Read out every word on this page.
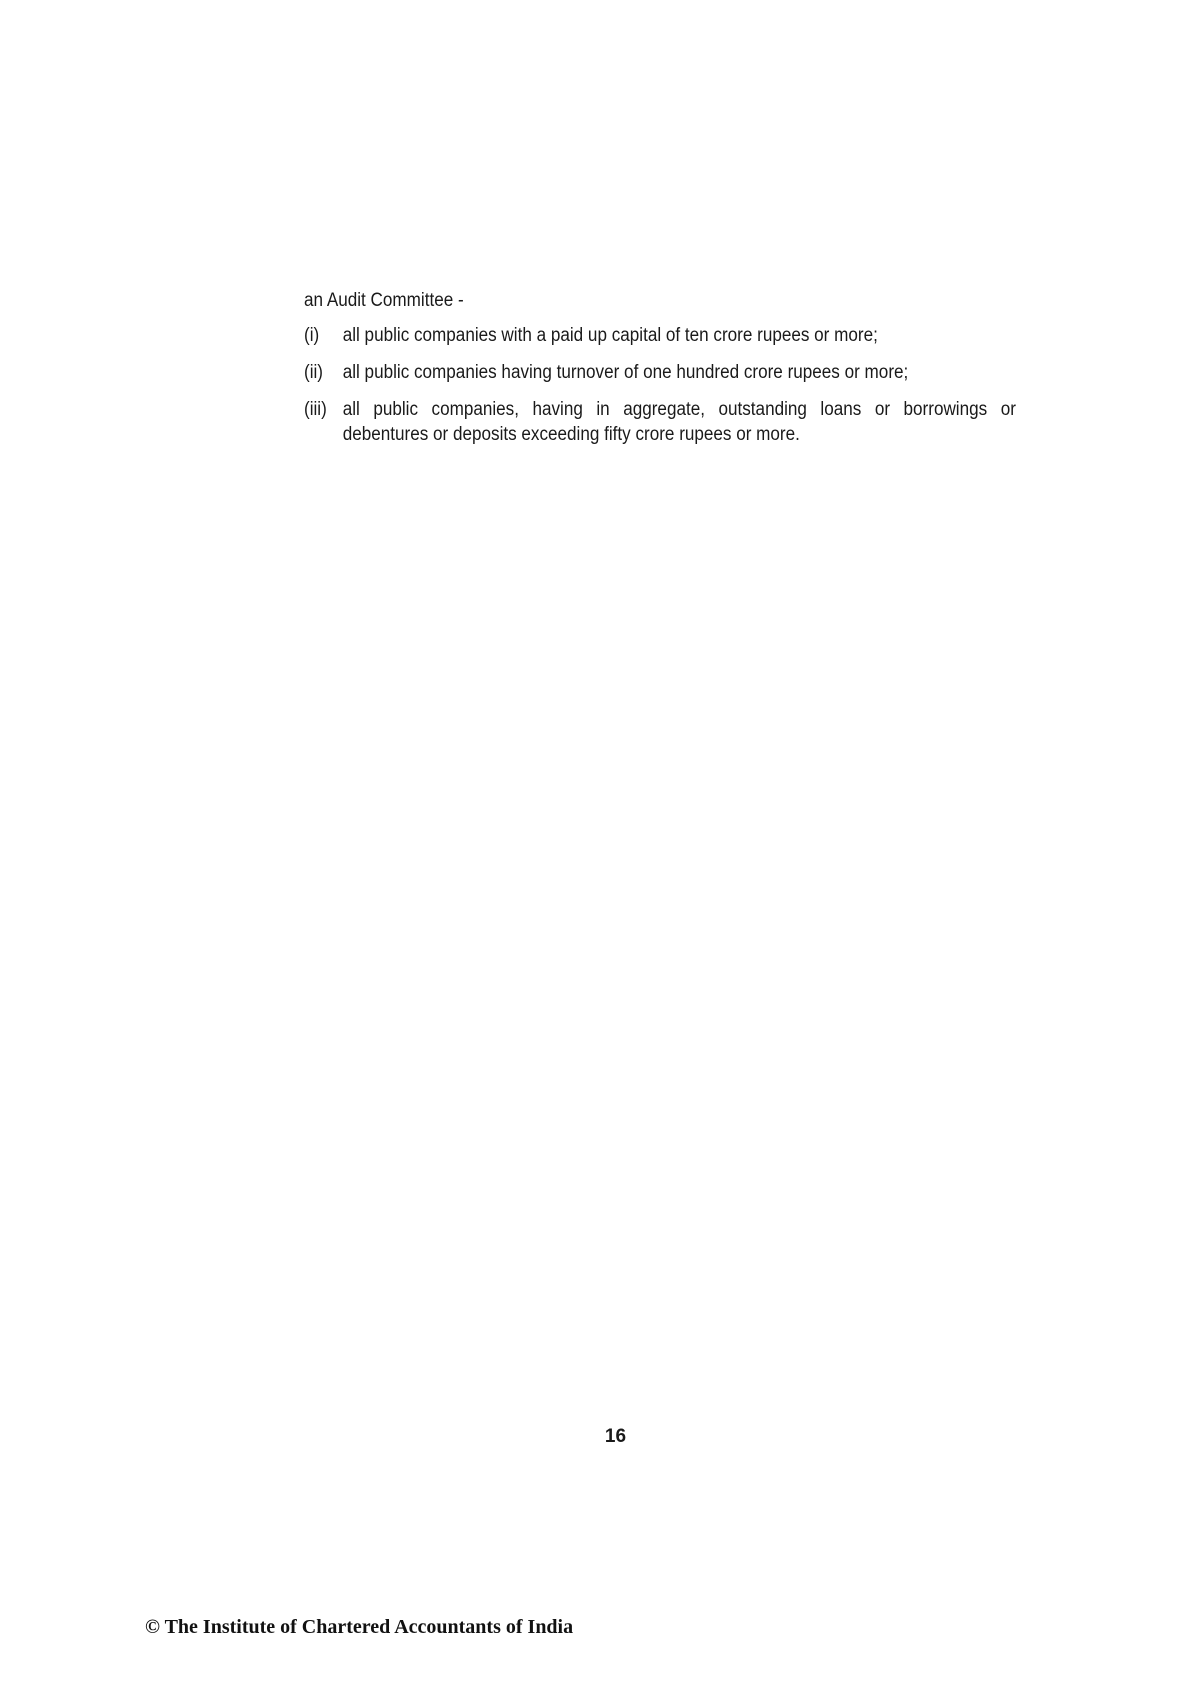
an Audit Committee -

(i)	all public companies with a paid up capital of ten crore rupees or more;
(ii)	all public companies having turnover of one hundred crore rupees or more;
(iii) all public companies, having in aggregate, outstanding loans or borrowings or debentures or deposits exceeding fifty crore rupees or more.
16
© The Institute of Chartered Accountants of India
